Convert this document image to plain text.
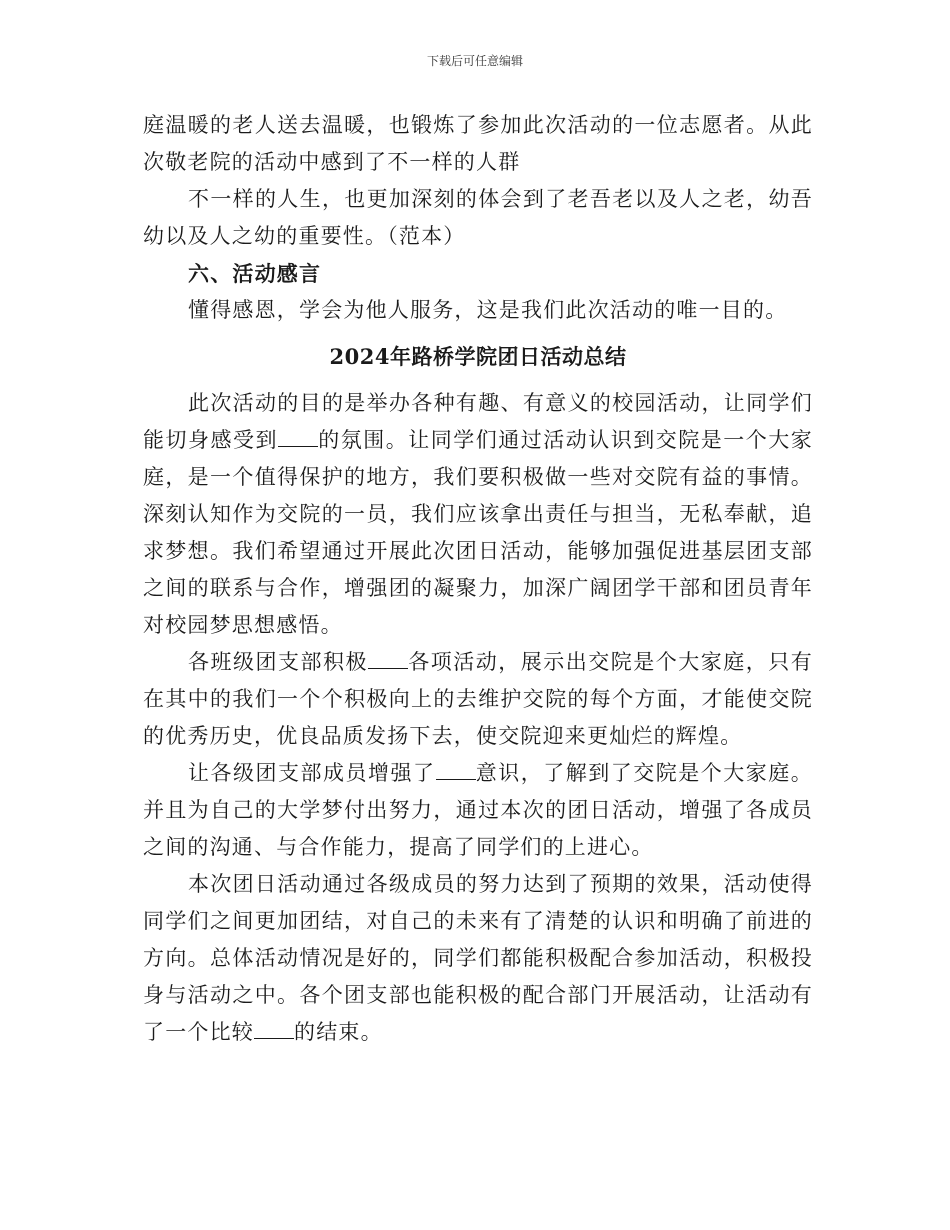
下载后可任意编辑

庭温暖的老人送去温暖，也锻炼了参加此次活动的一位志愿者。从此次敬老院的活动中感到了不一样的人群

不一样的人生，也更加深刻的体会到了老吾老以及人之老，幼吾幼以及人之幼的重要性。（范本）

六、活动感言

懂得感恩，学会为他人服务，这是我们此次活动的唯一目的。

2024年路桥学院团日活动总结

此次活动的目的是举办各种有趣、有意义的校园活动，让同学们能切身感受到 的氛围。让同学们通过活动认识到交院是一个大家庭，是一个值得保护的地方，我们要积极做一些对交院有益的事情。深刻认知作为交院的一员，我们应该拿出责任与担当，无私奉献，追求梦想。我们希望通过开展此次团日活动，能够加强促进基层团支部之间的联系与合作，增强团的凝聚力，加深广阔团学干部和团员青年对校园梦思想感悟。

各班级团支部积极 各项活动，展示出交院是个大家庭，只有在其中的我们一个个积极向上的去维护交院的每个方面，才能使交院的优秀历史，优良品质发扬下去，使交院迎来更灿烂的辉煌。

让各级团支部成员增强了 意识，了解到了交院是个大家庭。并且为自己的大学梦付出努力，通过本次的团日活动，增强了各成员之间的沟通、与合作能力，提高了同学们的上进心。

本次团日活动通过各级成员的努力达到了预期的效果，活动使得同学们之间更加团结，对自己的未来有了清楚的认识和明确了前进的方向。总体活动情况是好的，同学们都能积极配合参加活动，积极投身与活动之中。各个团支部也能积极的配合部门开展活动，让活动有了一个比较 的结束。
